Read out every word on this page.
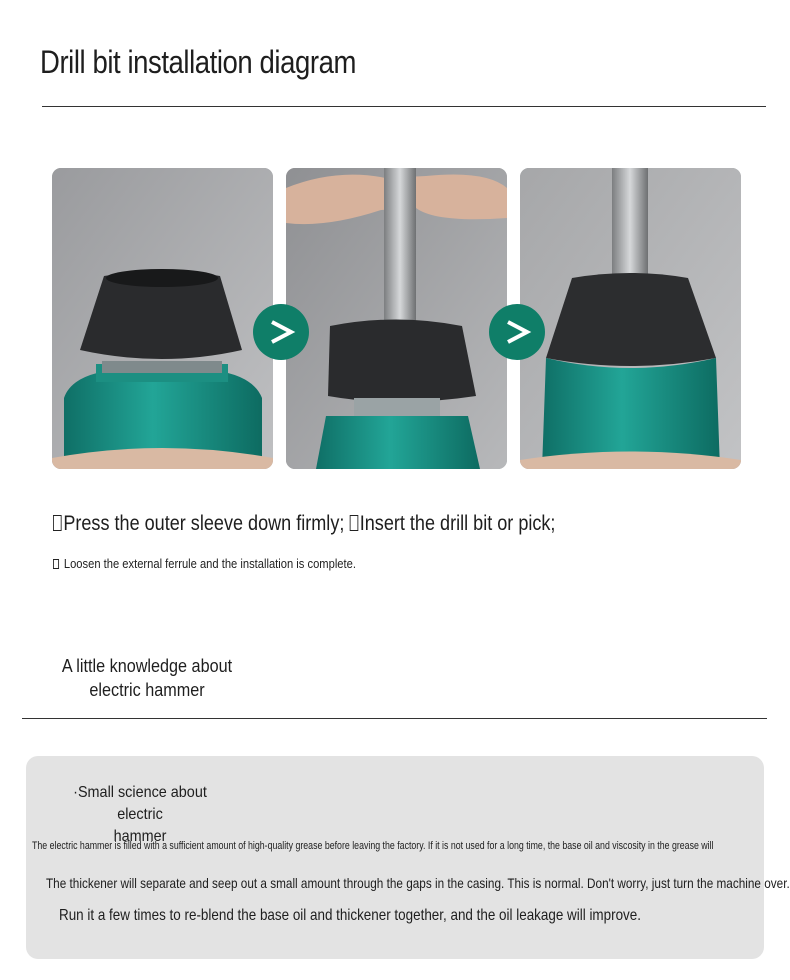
Drill bit installation diagram
Press the outer sleeve down firmly; Insert the drill bit or pick;
Loosen the external ferrule and the installation is complete.
A little knowledge about
electric hammer
·Small science about electric
hammer
The electric hammer is filled with a sufficient amount of high-quality grease before leaving the factory. If it is not used for a long time, the base oil and viscosity in the grease will
The thickener will separate and seep out a small amount through the gaps in the casing. This is normal. Don't worry, just turn the machine over.
Run it a few times to re-blend the base oil and thickener together, and the oil leakage will improve.
